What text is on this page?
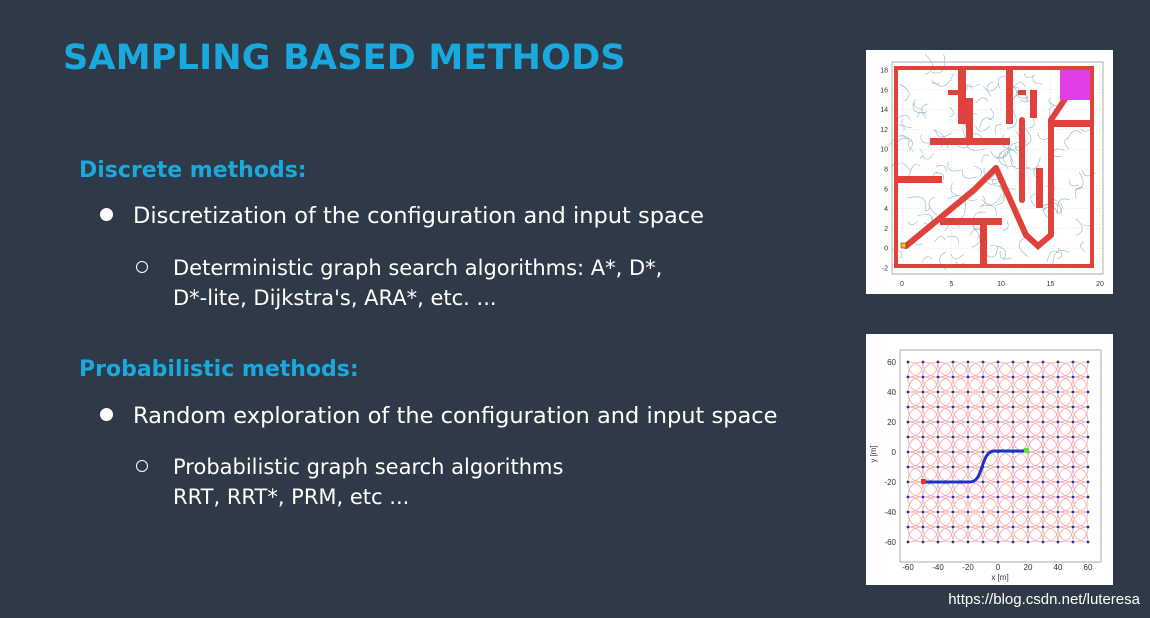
SAMPLING BASED METHODS
Discrete methods:
Discretization of the configuration and input space
Deterministic graph search algorithms: A*, D*,
D*-lite, Dijkstra's, ARA*, etc. ...
Probabilistic methods:
Random exploration of the configuration and input space
Probabilistic graph search algorithms
RRT, RRT*, PRM, etc ...
18
16
14
12
10
8
6
4
2
0
-2
0	5	10	15	20
60
40
20
0
-20
-40
-60
-60 -40 -20	0	20	40	60
x [m]
y [m]
https://blog.csdn.net/luteresa
